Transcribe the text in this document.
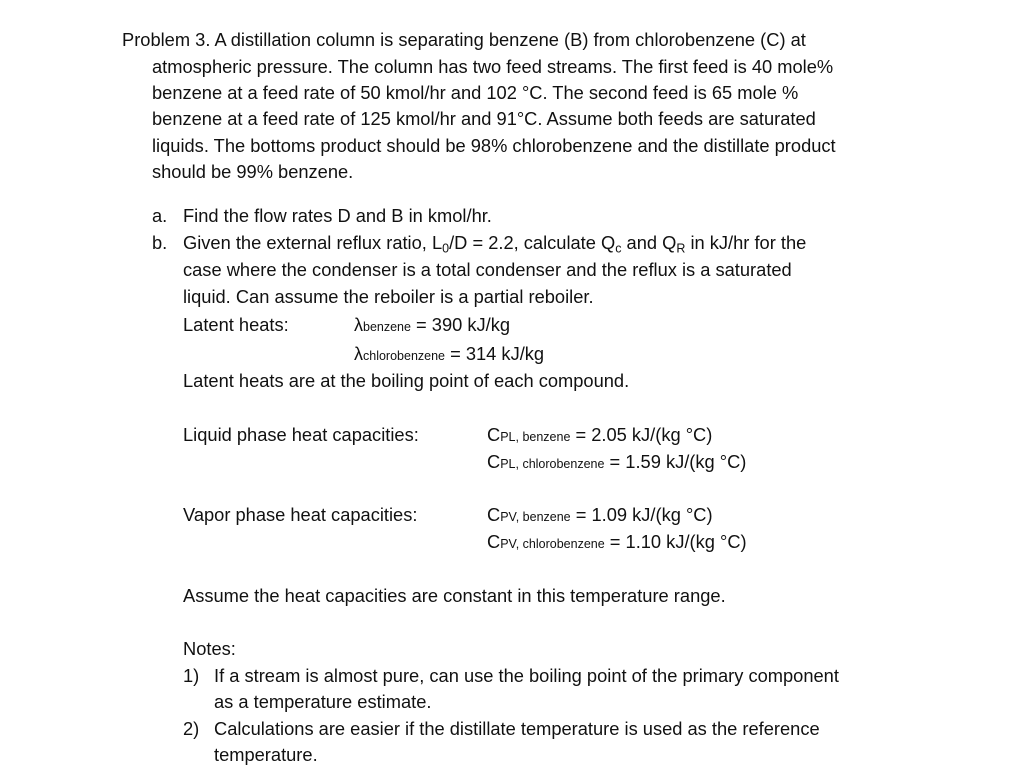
Problem 3. A distillation column is separating benzene (B) from chlorobenzene (C) at
atmospheric pressure. The column has two feed streams. The first feed is 40 mole%
benzene at a feed rate of 50 kmol/hr and 102 °C. The second feed is 65 mole %
benzene at a feed rate of 125 kmol/hr and 91°C. Assume both feeds are saturated
liquids. The bottoms product should be 98% chlorobenzene and the distillate product
should be 99% benzene.
a. Find the flow rates D and B in kmol/hr.
b. Given the external reflux ratio, $L_0/D = 2.2$, calculate $Q_c$ and $Q_R$ in kJ/hr for the
case where the condenser is a total condenser and the reflux is a saturated
liquid. Can assume the reboiler is a partial reboiler.
Latent heats:	λbenzene = 390 kJ/kg
λchlorobenzene = 314 kJ/kg
Latent heats are at the boiling point of each compound.
Liquid phase heat capacities:	CPL, benzene = 2.05 kJ/(kg °C)
CPL, chlorobenzene = 1.59 kJ/(kg °C)
Vapor phase heat capacities:	CPV, benzene = 1.09 kJ/(kg °C)
CPV, chlorobenzene = 1.10 kJ/(kg °C)
Assume the heat capacities are constant in this temperature range.
Notes:
1) If a stream is almost pure, can use the boiling point of the primary component
as a temperature estimate.
2) Calculations are easier if the distillate temperature is used as the reference
temperature.
